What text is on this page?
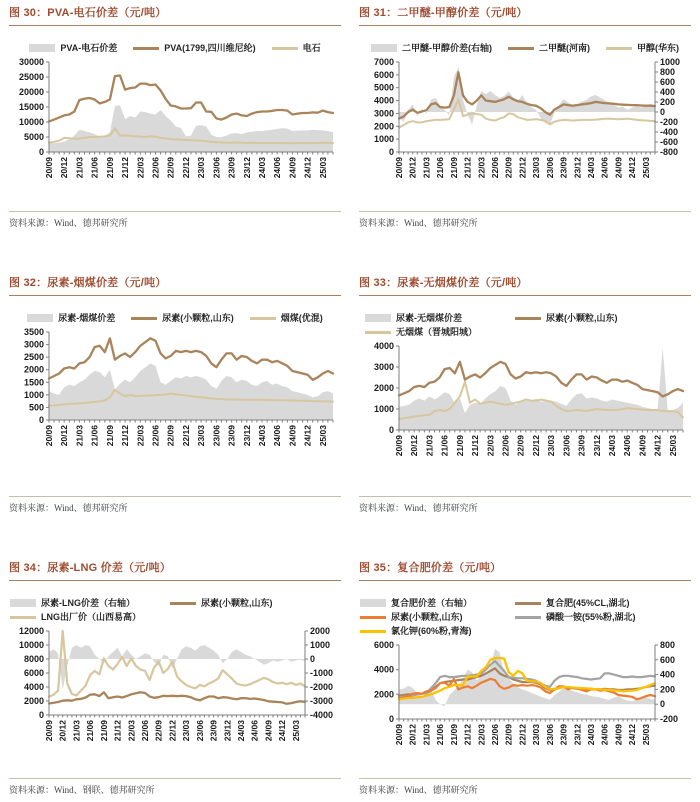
图 30：PVA-电石价差（元/吨）
PVA-电石价差	PVA(1799,四川维尼纶)	电石
0
5000
10000
15000
20000
25000
30000
20/09 20/12 21/03 21/06 21/09 21/12 22/03 22/06 22/09 22/12 23/03 23/06 23/09 23/12 24/03 24/06 24/09 24/12 25/03
资料来源：Wind、德邦研究所
图 31：二甲醚-甲醇价差（元/吨）
二甲醚-甲醇价差(右轴)	二甲醚(河南)	甲醇(华东)
0
1000
2000
3000
4000
5000
6000
7000
-800
-600
-400
-200
0
200
400
600
800
1000
20/09 20/12 21/03 21/06 21/09 21/12 22/03 22/06 22/09 22/12 23/03 23/06 23/09 23/12 24/03 24/06 24/09 24/12 25/03
资料来源：Wind、德邦研究所
图 32：尿素-烟煤价差（元/吨）
尿素-烟煤价差	尿素(小颗粒,山东)	烟煤(优混)
0
500
1000
1500
2000
2500
3000
3500
20/09 20/12 21/03 21/06 21/09 21/12 22/03 22/06 22/09 22/12 23/03 23/06 23/09 23/12 24/03 24/06 24/09 24/12 25/03
资料来源：Wind、德邦研究所
图 33：尿素-无烟煤价差（元/吨）
尿素-无烟煤价差	尿素(小颗粒,山东)
无烟煤（晋城阳城）
0
1000
2000
3000
4000
20/09 20/12 21/03 21/06 21/09 21/12 22/03 22/06 22/09 22/12 23/03 23/06 23/09 23/12 24/03 24/06 24/09 24/12 25/03
资料来源：Wind、德邦研究所
图 34：尿素-LNG 价差（元/吨）
尿素-LNG价差（右轴）	尿素(小颗粒,山东)
LNG出厂价（山西易高）
0
2000
4000
6000
8000
10000
12000
-4000
-3000
-2000
-1000
0
1000
2000
20/09 20/12 21/03 21/06 21/09 21/12 22/03 22/06 22/09 22/12 23/03 23/06 23/09 23/12 24/03 24/06 24/09 24/12 25/03
资料来源：Wind、钢联、德邦研究所
图 35：复合肥价差（元/吨）
复合肥价差（右轴）	复合肥(45%CL,湖北)
尿素(小颗粒,山东)	磷酸一铵(55%粉,湖北)
氯化钾(60%粉,青海)
0
2000
4000
6000
-200
0
200
400
600
800
20/09 20/12 21/03 21/06 21/09 21/12 22/03 22/06 22/09 22/12 23/03 23/06 23/09 23/12 24/03 24/06 24/09 24/12 25/03
资料来源：Wind、德邦研究所
